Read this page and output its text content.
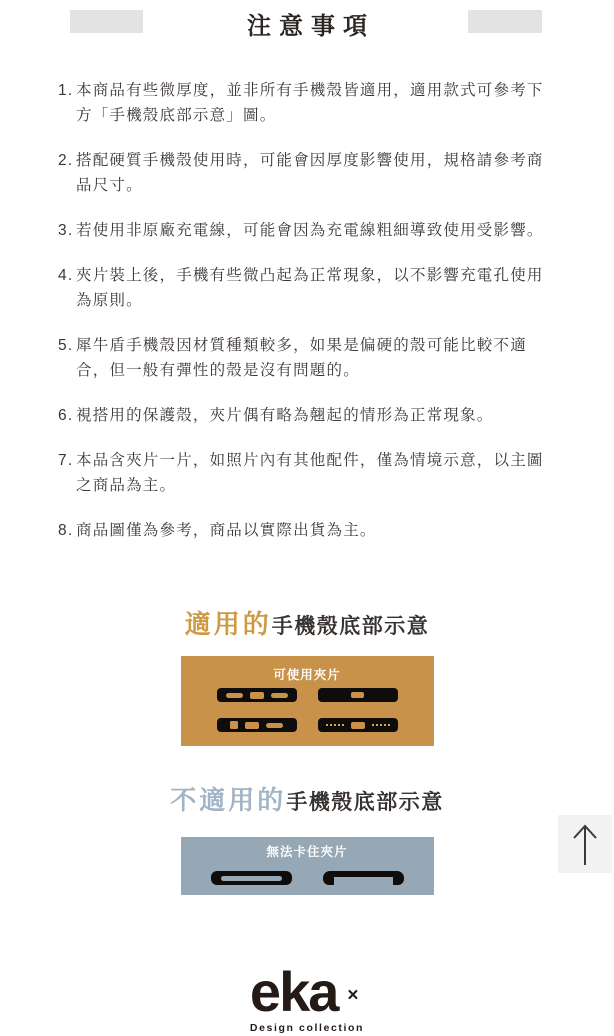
注意事項
1. 本商品有些微厚度，並非所有手機殼皆適用，適用款式可參考下方「手機殼底部示意」圖。
2. 搭配硬質手機殼使用時，可能會因厚度影響使用，規格請參考商品尺寸。
3. 若使用非原廠充電線，可能會因為充電線粗細導致使用受影響。
4. 夾片裝上後，手機有些微凸起為正常現象，以不影響充電孔使用為原則。
5. 犀牛盾手機殼因材質種類較多，如果是偏硬的殼可能比較不適合，但一般有彈性的殼是沒有問題的。
6. 視搭用的保護殼，夾片偶有略為翹起的情形為正常現象。
7. 本品含夾片一片，如照片內有其他配件，僅為情境示意，以主圖之商品為主。
8. 商品圖僅為參考，商品以實際出貨為主。
適用的手機殼底部示意
可使用夾片
不適用的手機殼底部示意
無法卡住夾片
eka ×
Design collection
